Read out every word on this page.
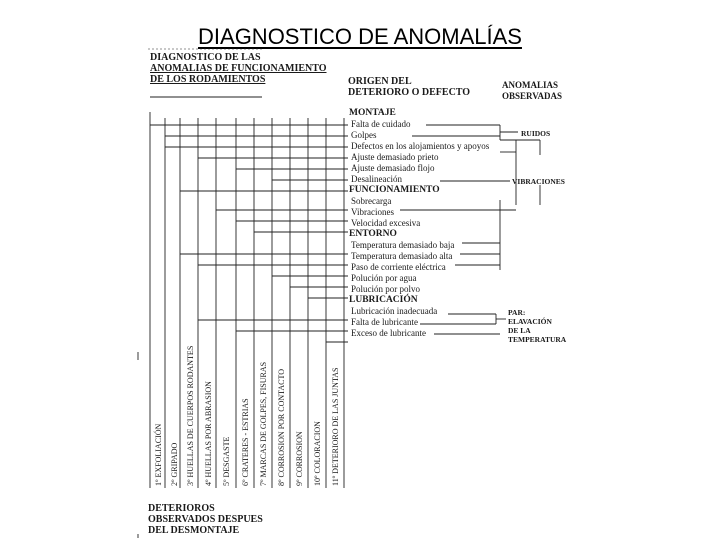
DIAGNOSTICO DE ANOMALÍAS
DIAGNOSTICO DE LAS
ANOMALIAS DE FUNCIONAMIENTO
DE LOS RODAMIENTOS	ORIGEN DEL
DETERIORO O DEFECTO
ANOMALIAS
OBSERVADAS
MONTAJE
Falta de cuidado
Golpes
Defectos en los alojamientos y apoyos
Ajuste demasiado prieto
Ajuste demasiado flojo
Desalineación
FUNCIONAMIENTO
Sobrecarga
Vibraciones
Velocidad excesiva
ENTORNO
Temperatura demasiado baja
Temperatura demasiado alta
Paso de corriente eléctrica
Polución por agua
Polución por polvo
LUBRICACIÓN
Lubricación inadecuada
Falta de lubricante
Exceso de lubricante
RUIDOS
VIBRACIONES
PAR:
ELAVACIÓN
DE LA
TEMPERATURA
1º EXFOLIACIÓN 2º GRIPADO 3º HUELLAS DE CUERPOS RODANTES 4º HUELLAS POR ABRASION 5º DESGASTE 6º CRATERES - ESTRIAS 7º MARCAS DE GOLPES, FISURAS 8º CORROSION POR CONTACTO 9º CORROSION 10º COLORACION 11º DETERIORO DE LAS JUNTAS
DETERIOROS
OBSERVADOS DESPUES
DEL DESMONTAJE
